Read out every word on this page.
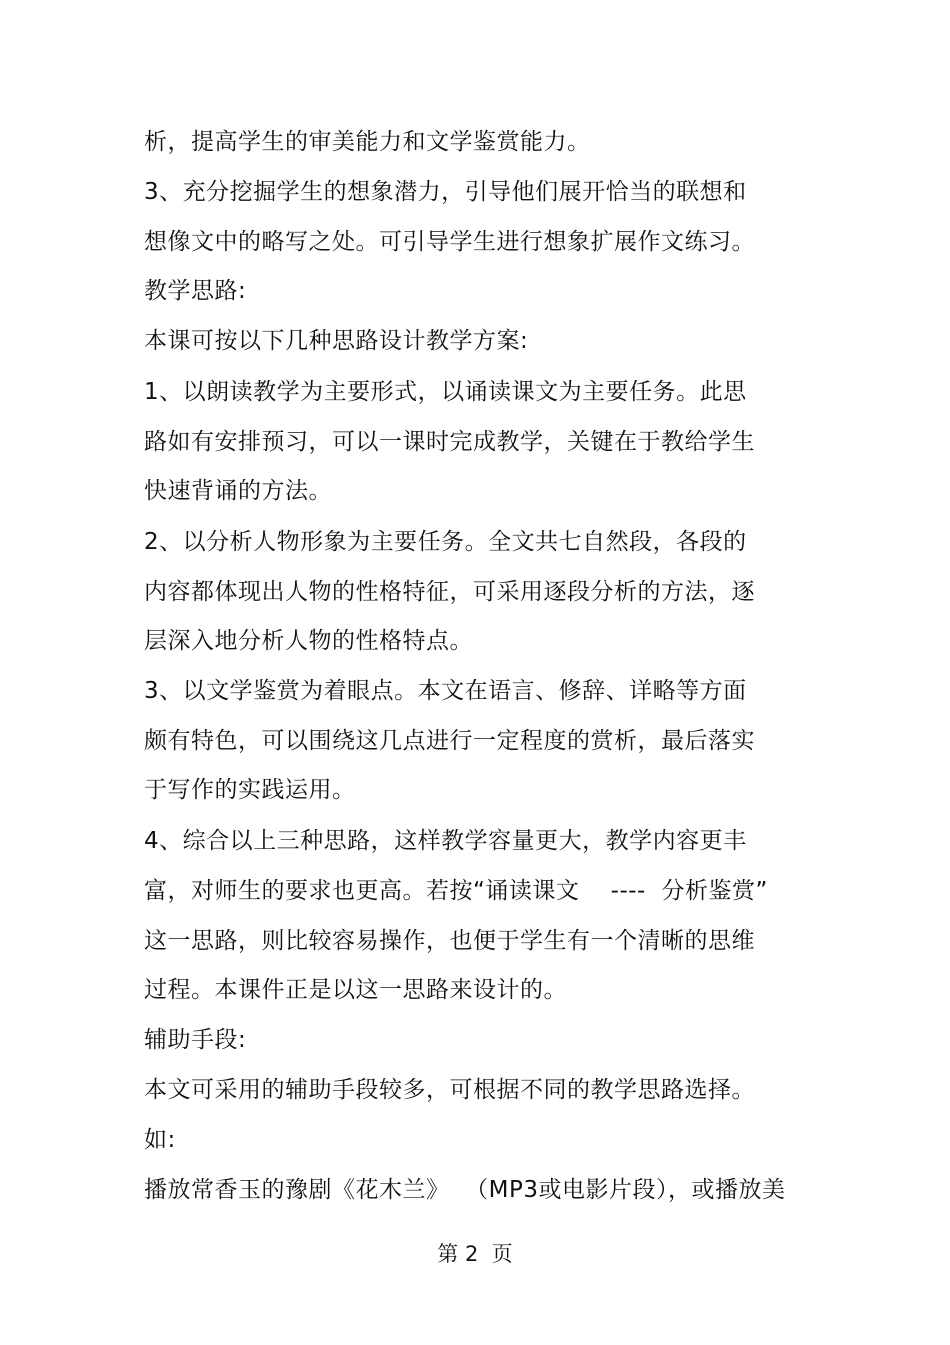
析，提高学生的审美能力和文学鉴赏能力。
3、充分挖掘学生的想象潜力，引导他们展开恰当的联想和
想像文中的略写之处。可引导学生进行想象扩展作文练习。
教学思路:
本课可按以下几种思路设计教学方案:
1、以朗读教学为主要形式，以诵读课文为主要任务。此思
路如有安排预习，可以一课时完成教学，关键在于教给学生
快速背诵的方法。
2、以分析人物形象为主要任务。全文共七自然段，各段的
内容都体现出人物的性格特征，可采用逐段分析的方法，逐
层深入地分析人物的性格特点。
3、以文学鉴赏为着眼点。本文在语言、修辞、详略等方面
颇有特色，可以围绕这几点进行一定程度的赏析，最后落实
于写作的实践运用。
4、综合以上三种思路，这样教学容量更大，教学内容更丰
富，对师生的要求也更高。若按“诵读课文    ----  分析鉴赏”
这一思路，则比较容易操作，也便于学生有一个清晰的思维
过程。本课件正是以这一思路来设计的。
辅助手段:
本文可采用的辅助手段较多，可根据不同的教学思路选择。
如:
播放常香玉的豫剧《花木兰》  （MP3或电影片段），或播放美
第 2  页
